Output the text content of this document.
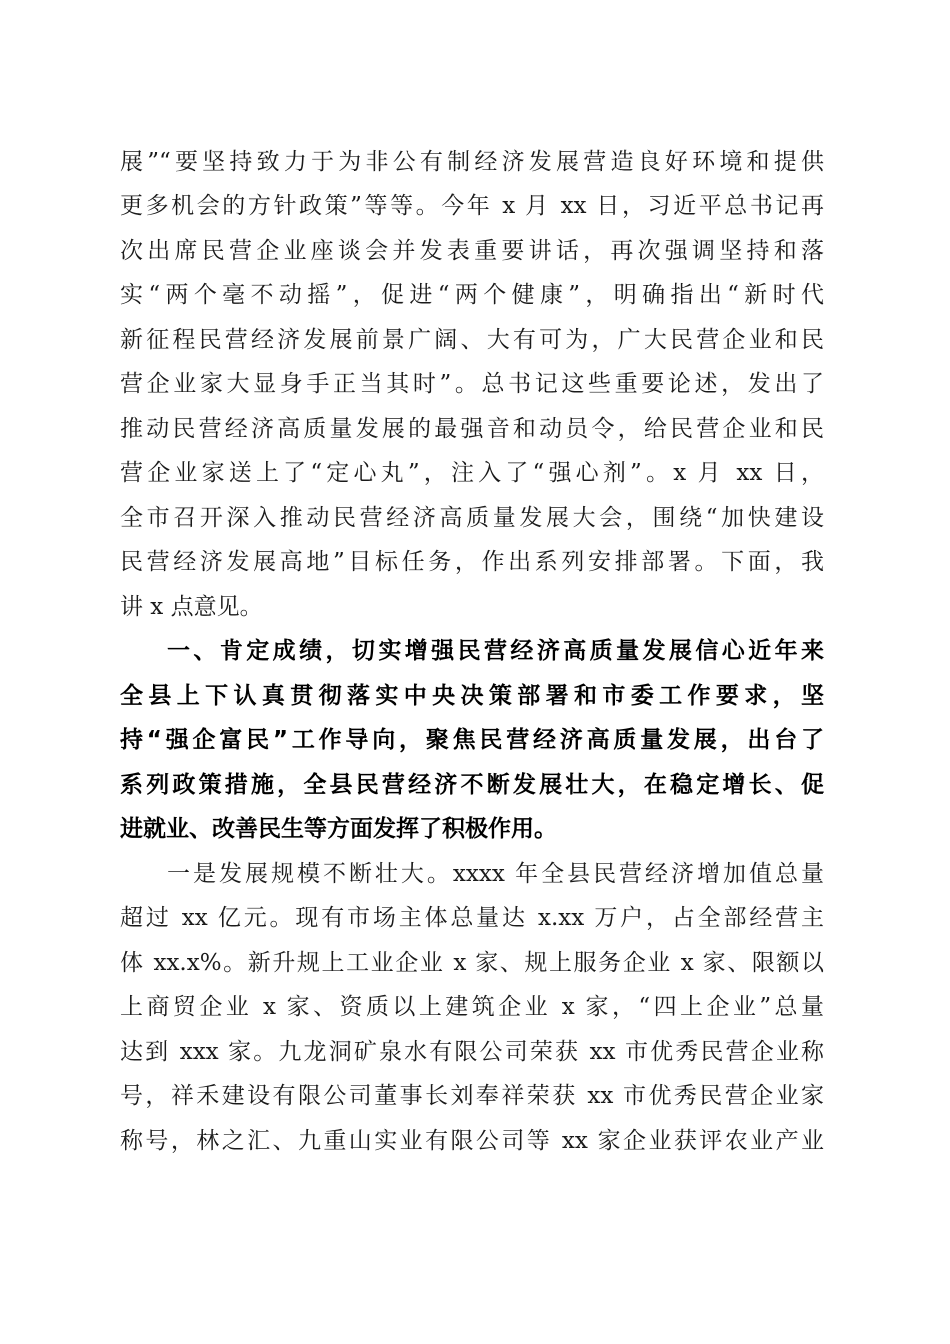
展”“要坚持致力于为非公有制经济发展营造良好环境和提供
更多机会的方针政策”等等。今年 x 月 xx 日，习近平总书记再
次出席民营企业座谈会并发表重要讲话，再次强调坚持和落
实“两个毫不动摇”，促进“两个健康”，明确指出“新时代
新征程民营经济发展前景广阔、大有可为，广大民营企业和民
营企业家大显身手正当其时”。总书记这些重要论述，发出了
推动民营经济高质量发展的最强音和动员令，给民营企业和民
营企业家送上了“定心丸”，注入了“强心剂”。x 月 xx 日，
全市召开深入推动民营经济高质量发展大会，围绕“加快建设
民营经济发展高地”目标任务，作出系列安排部署。下面，我
讲 x 点意见。
一、肯定成绩，切实增强民营经济高质量发展信心近年来
全县上下认真贯彻落实中央决策部署和市委工作要求，坚
持“强企富民”工作导向，聚焦民营经济高质量发展，出台了
系列政策措施，全县民营经济不断发展壮大，在稳定增长、促
进就业、改善民生等方面发挥了积极作用。
一是发展规模不断壮大。xxxx 年全县民营经济增加值总量
超过 xx 亿元。现有市场主体总量达 x.xx 万户，占全部经营主
体 xx.x%。新升规上工业企业 x 家、规上服务企业 x 家、限额以
上商贸企业 x 家、资质以上建筑企业 x 家，“四上企业”总量
达到 xxx 家。九龙洞矿泉水有限公司荣获 xx 市优秀民营企业称
号，祥禾建设有限公司董事长刘奉祥荣获 xx 市优秀民营企业家
称号，林之汇、九重山实业有限公司等 xx 家企业获评农业产业
